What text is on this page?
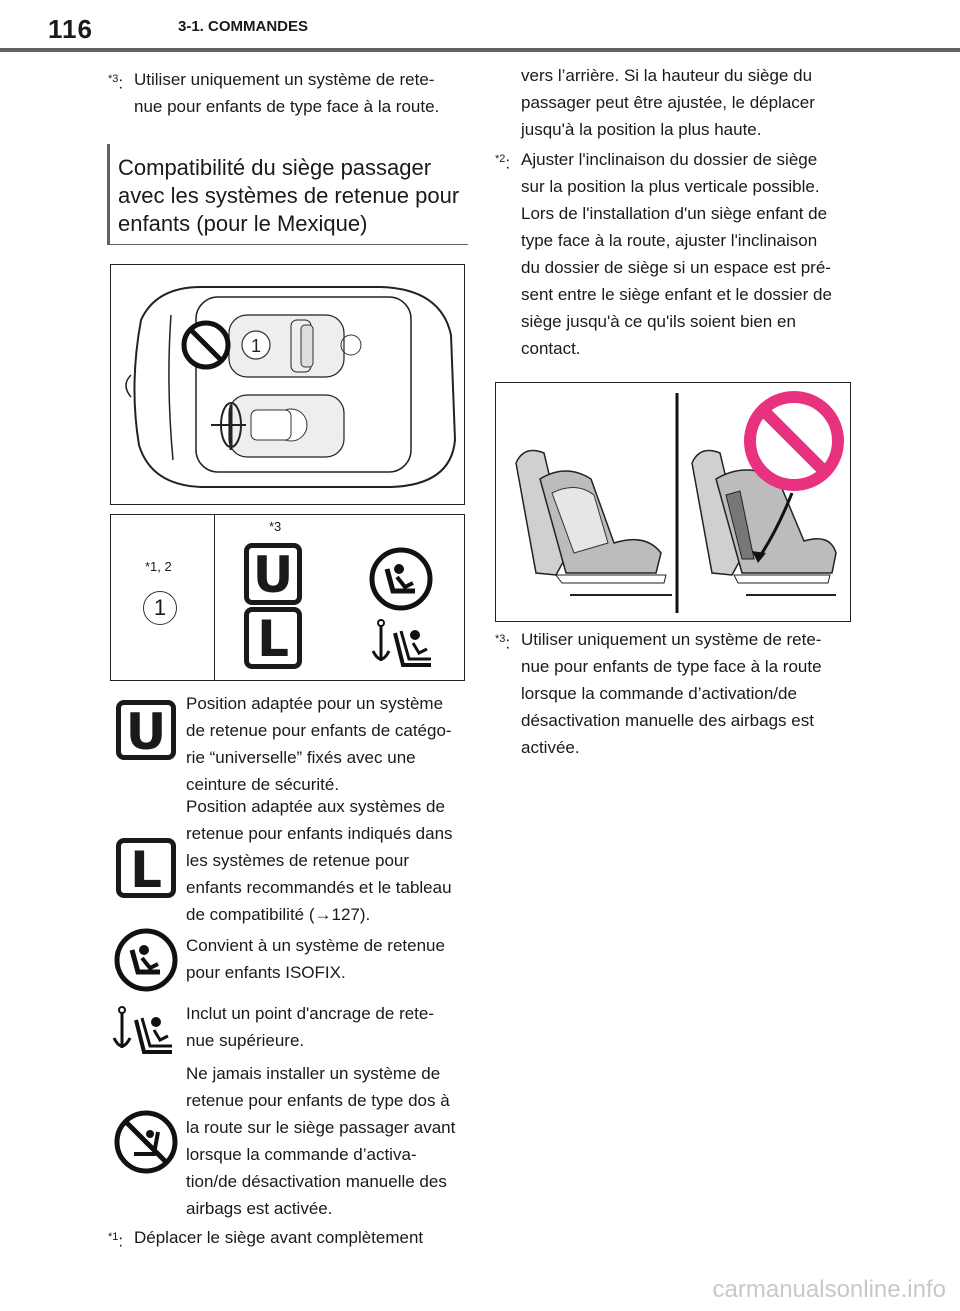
116	3-1. COMMANDES
$^{*3}$: Utiliser uniquement un système de rete-
nue pour enfants de type face à la route.
Compatibilité du siège passager avec les systèmes de retenue pour enfants (pour le Mexique)
1
*1, 2
1
*3
U
L
U
L
Position adaptée pour un système
de retenue pour enfants de catégo-
rie “universelle” fixés avec une
ceinture de sécurité.
Position adaptée aux systèmes de
retenue pour enfants indiqués dans
les systèmes de retenue pour
enfants recommandés et le tableau
de compatibilité (→127).
Convient à un système de retenue
pour enfants ISOFIX.
Inclut un point d'ancrage de rete-
nue supérieure.
Ne jamais installer un système de
retenue pour enfants de type dos à
la route sur le siège passager avant
lorsque la commande d’activa-
tion/de désactivation manuelle des
airbags est activée.
$^{*1}$: Déplacer le siège avant complètement
vers l’arrière. Si la hauteur du siège du
passager peut être ajustée, le déplacer
jusqu'à la position la plus haute.
$^{*2}$: Ajuster l'inclinaison du dossier de siège
sur la position la plus verticale possible.
Lors de l'installation d'un siège enfant de
type face à la route, ajuster l'inclinaison
du dossier de siège si un espace est pré-
sent entre le siège enfant et le dossier de
siège jusqu'à ce qu'ils soient bien en
contact.
$^{*3}$: Utiliser uniquement un système de rete-
nue pour enfants de type face à la route
lorsque la commande d’activation/de
désactivation manuelle des airbags est
activée.
carmanualsonline.info
